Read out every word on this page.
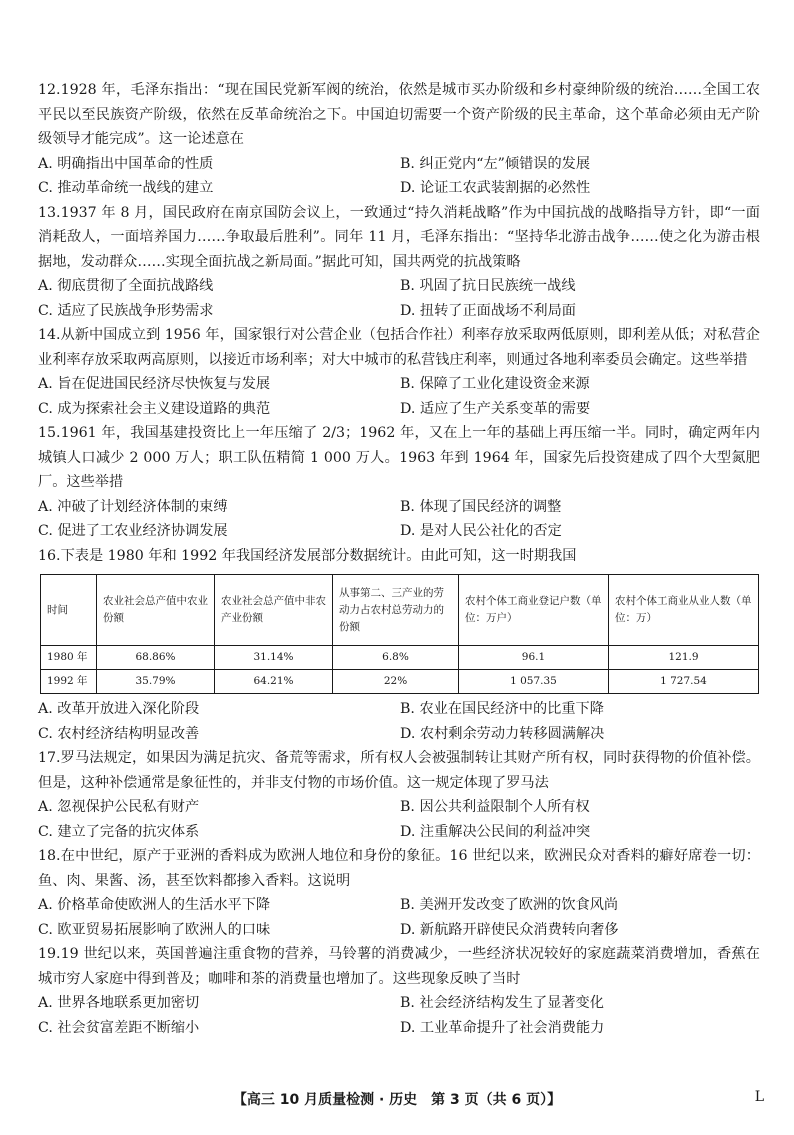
12.1928 年，毛泽东指出：“现在国民党新军阀的统治，依然是城市买办阶级和乡村豪绅阶级的统治……全国工农平民以至民族资产阶级，依然在反革命统治之下。中国迫切需要一个资产阶级的民主革命，这个革命必须由无产阶级领导才能完成”。这一论述意在
A. 明确指出中国革命的性质	B. 纠正党内“左”倾错误的发展
C. 推动革命统一战线的建立	D. 论证工农武装割据的必然性
13.1937 年 8 月，国民政府在南京国防会议上，一致通过“持久消耗战略”作为中国抗战的战略指导方针，即“一面消耗敌人，一面培养国力……争取最后胜利”。同年 11 月，毛泽东指出：“坚持华北游击战争……使之化为游击根据地，发动群众……实现全面抗战之新局面。”据此可知，国共两党的抗战策略
A. 彻底贯彻了全面抗战路线	B. 巩固了抗日民族统一战线
C. 适应了民族战争形势需求	D. 扭转了正面战场不利局面
14.从新中国成立到 1956 年，国家银行对公营企业（包括合作社）利率存放采取两低原则，即利差从低；对私营企业利率存放采取两高原则，以接近市场利率；对大中城市的私营钱庄利率，则通过各地利率委员会确定。这些举措
A. 旨在促进国民经济尽快恢复与发展	B. 保障了工业化建设资金来源
C. 成为探索社会主义建设道路的典范	D. 适应了生产关系变革的需要
15.1961 年，我国基建投资比上一年压缩了 2/3；1962 年，又在上一年的基础上再压缩一半。同时，确定两年内城镇人口减少 2 000 万人；职工队伍精简 1 000 万人。1963 年到 1964 年，国家先后投资建成了四个大型氮肥厂。这些举措
A. 冲破了计划经济体制的束缚	B. 体现了国民经济的调整
C. 促进了工农业经济协调发展	D. 是对人民公社化的否定
16.下表是 1980 年和 1992 年我国经济发展部分数据统计。由此可知，这一时期我国
时间	农业社会总产值中农业份额	农业社会总产值中非农产业份额	从事第二、三产业的劳动力占农村总劳动力的份额	农村个体工商业登记户数（单位：万户）	农村个体工商业从业人数（单位：万）
1980 年	68.86%	31.14%	6.8%	96.1	121.9
1992 年	35.79%	64.21%	22%	1 057.35	1 727.54
A. 改革开放进入深化阶段	B. 农业在国民经济中的比重下降
C. 农村经济结构明显改善	D. 农村剩余劳动力转移圆满解决
17.罗马法规定，如果因为满足抗灾、备荒等需求，所有权人会被强制转让其财产所有权，同时获得物的价值补偿。但是，这种补偿通常是象征性的，并非支付物的市场价值。这一规定体现了罗马法
A. 忽视保护公民私有财产	B. 因公共利益限制个人所有权
C. 建立了完备的抗灾体系	D. 注重解决公民间的利益冲突
18.在中世纪，原产于亚洲的香料成为欧洲人地位和身份的象征。16 世纪以来，欧洲民众对香料的癖好席卷一切：鱼、肉、果酱、汤，甚至饮料都掺入香料。这说明
A. 价格革命使欧洲人的生活水平下降	B. 美洲开发改变了欧洲的饮食风尚
C. 欧亚贸易拓展影响了欧洲人的口味	D. 新航路开辟使民众消费转向奢侈
19.19 世纪以来，英国普遍注重食物的营养，马铃薯的消费减少，一些经济状况较好的家庭蔬菜消费增加，香蕉在城市穷人家庭中得到普及；咖啡和茶的消费量也增加了。这些现象反映了当时
A. 世界各地联系更加密切	B. 社会经济结构发生了显著变化
C. 社会贫富差距不断缩小	D. 工业革命提升了社会消费能力
【高三 10 月质量检测 · 历史　第 3 页（共 6 页）】	L
